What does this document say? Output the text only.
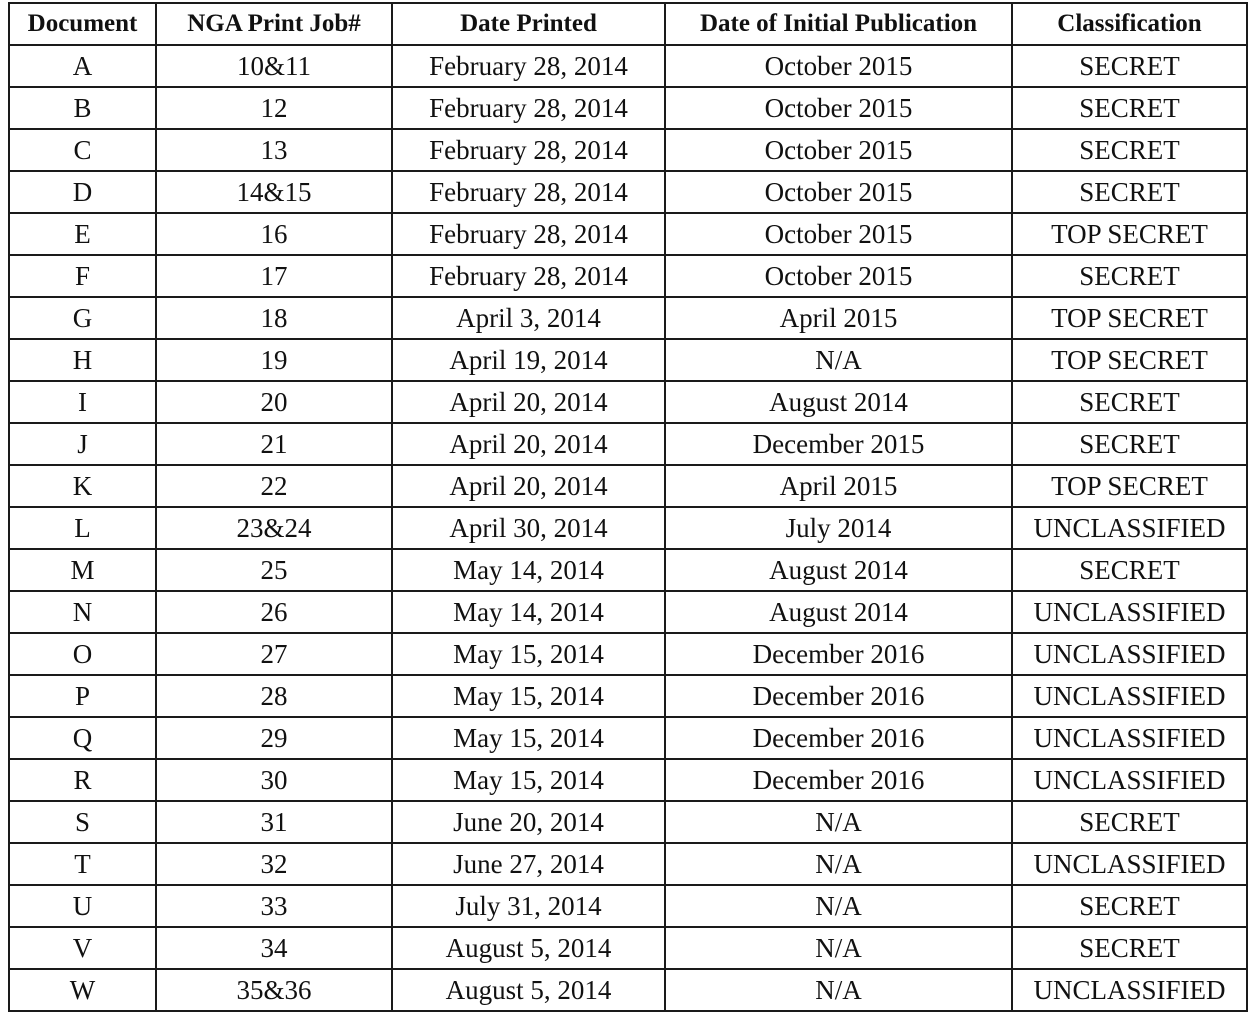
Document	NGA Print Job#	Date Printed	Date of Initial Publication	Classification
A	10&11	February 28, 2014	October 2015	SECRET
B	12	February 28, 2014	October 2015	SECRET
C	13	February 28, 2014	October 2015	SECRET
D	14&15	February 28, 2014	October 2015	SECRET
E	16	February 28, 2014	October 2015	TOP SECRET
F	17	February 28, 2014	October 2015	SECRET
G	18	April 3, 2014	April 2015	TOP SECRET
H	19	April 19, 2014	N/A	TOP SECRET
I	20	April 20, 2014	August 2014	SECRET
J	21	April 20, 2014	December 2015	SECRET
K	22	April 20, 2014	April 2015	TOP SECRET
L	23&24	April 30, 2014	July 2014	UNCLASSIFIED
M	25	May 14, 2014	August 2014	SECRET
N	26	May 14, 2014	August 2014	UNCLASSIFIED
O	27	May 15, 2014	December 2016	UNCLASSIFIED
P	28	May 15, 2014	December 2016	UNCLASSIFIED
Q	29	May 15, 2014	December 2016	UNCLASSIFIED
R	30	May 15, 2014	December 2016	UNCLASSIFIED
S	31	June 20, 2014	N/A	SECRET
T	32	June 27, 2014	N/A	UNCLASSIFIED
U	33	July 31, 2014	N/A	SECRET
V	34	August 5, 2014	N/A	SECRET
W	35&36	August 5, 2014	N/A	UNCLASSIFIED
